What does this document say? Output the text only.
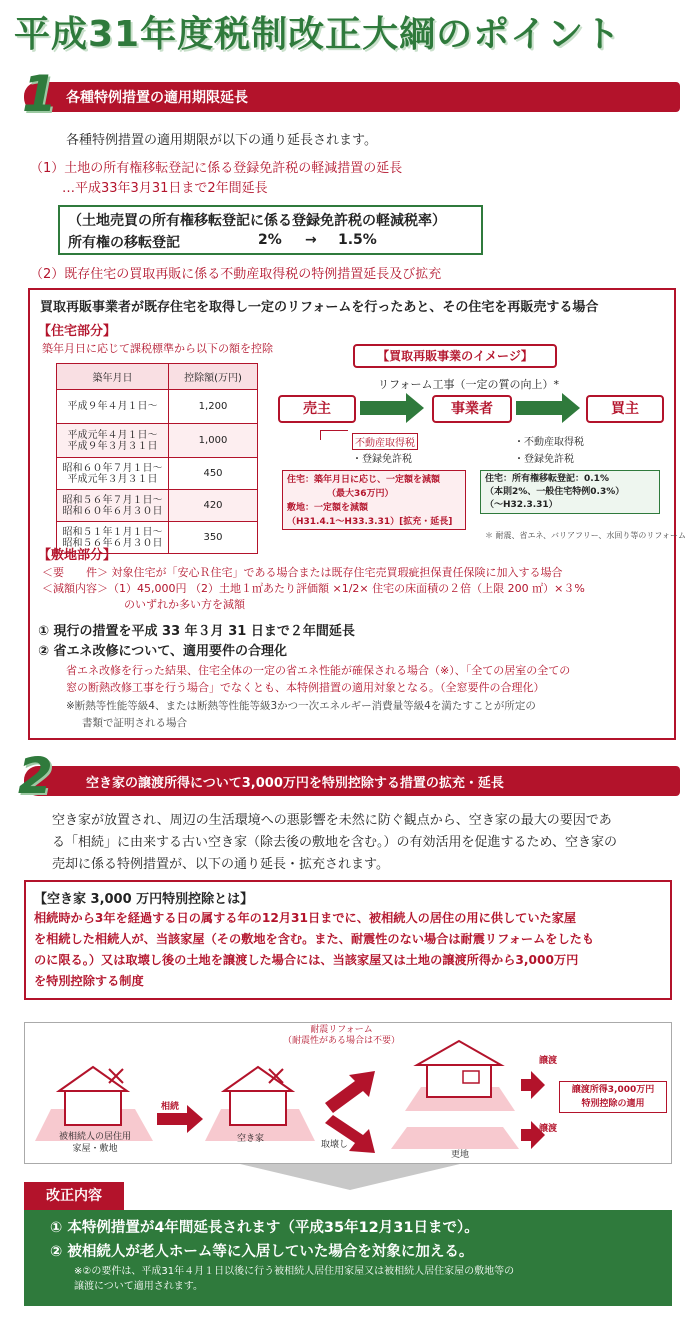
平成31年度税制改正大綱のポイント
各種特例措置の適用期限延長
1
各種特例措置の適用期限が以下の通り延長されます。
（1）土地の所有権移転登記に係る登録免許税の軽減措置の延長
…平成33年3月31日まで2年間延長
（土地売買の所有権移転登記に係る登録免許税の軽減税率）
所有権の移転登記	2% → 1.5%
（2）既存住宅の買取再販に係る不動産取得税の特例措置延長及び拡充
買取再販事業者が既存住宅を取得し一定のリフォームを行ったあと、その住宅を再販売する場合
【住宅部分】
築年月日に応じて課税標準から以下の額を控除
築年月日	控除額(万円)
平成９年４月１日～	1,200
平成元年４月１日～
平成９年３月３１日	1,000
昭和６０年７月１日～
平成元年３月３１日	450
昭和５６年７月１日～
昭和６０年６月３０日	420
昭和５１年１月１日～
昭和５６年６月３０日	350
【買取再販事業のイメージ】
リフォーム工事（一定の質の向上）*
売主	事業者	買主
不動産取得税
・登録免許税
・不動産取得税
・登録免許税
住宅：築年月日に応じ、一定額を減額
（最大36万円）
敷地：一定額を減額
（H31.4.1～H33.3.31）[拡充・延長]
住宅：所有権移転登記：0.1%
（本則2%、一般住宅特例0.3%）
（～H32.3.31）
＊ 耐震、省エネ、バリアフリー、水回り等のリフォーム
【敷地部分】
＜要　　件＞ 対象住宅が「安心Ｒ住宅」である場合または既存住宅売買瑕疵担保責任保険に加入する場合
＜減額内容＞（1）45,000円 （2）土地１㎡あたり評価額 ×1/2× 住宅の床面積の２倍（上限 200 ㎡）×３%
のいずれか多い方を減額
① 現行の措置を平成 33 年３月 31 日まで２年間延長
② 省エネ改修について、適用要件の合理化
省エネ改修を行った結果、住宅全体の一定の省エネ性能が確保される場合（※）、「全ての居室の全ての
窓の断熱改修工事を行う場合」でなくとも、本特例措置の適用対象となる。（全窓要件の合理化）
※断熱等性能等級4、または断熱等性能等級3かつ一次エネルギー消費量等級4を満たすことが所定の
書類で証明される場合
空き家の譲渡所得について3,000万円を特別控除する措置の拡充・延長
2
空き家が放置され、周辺の生活環境への悪影響を未然に防ぐ観点から、空き家の最大の要因であ
る「相続」に由来する古い空き家（除去後の敷地を含む。）の有効活用を促進するため、空き家の
売却に係る特例措置が、以下の通り延長・拡充されます。
【空き家 3,000 万円特別控除とは】
相続時から3年を経過する日の属する年の12月31日までに、被相続人の居住の用に供していた家屋
を相続した相続人が、当該家屋（その敷地を含む。また、耐震性のない場合は耐震リフォームをしたも
のに限る。）又は取壊し後の土地を譲渡した場合には、当該家屋又は土地の譲渡所得から3,000万円
を特別控除する制度
被相続人の居住用
家屋・敷地
相続
空き家
耐震リフォーム
（耐震性がある場合は不要）
取壊し
更地
譲渡
譲渡
譲渡所得3,000万円
特別控除の適用
改正内容
① 本特例措置が4年間延長されます（平成35年12月31日まで）。
② 被相続人が老人ホーム等に入居していた場合を対象に加える。
※②の要件は、平成31年４月１日以後に行う被相続人居住用家屋又は被相続人居住家屋の敷地等の
譲渡について適用されます。
